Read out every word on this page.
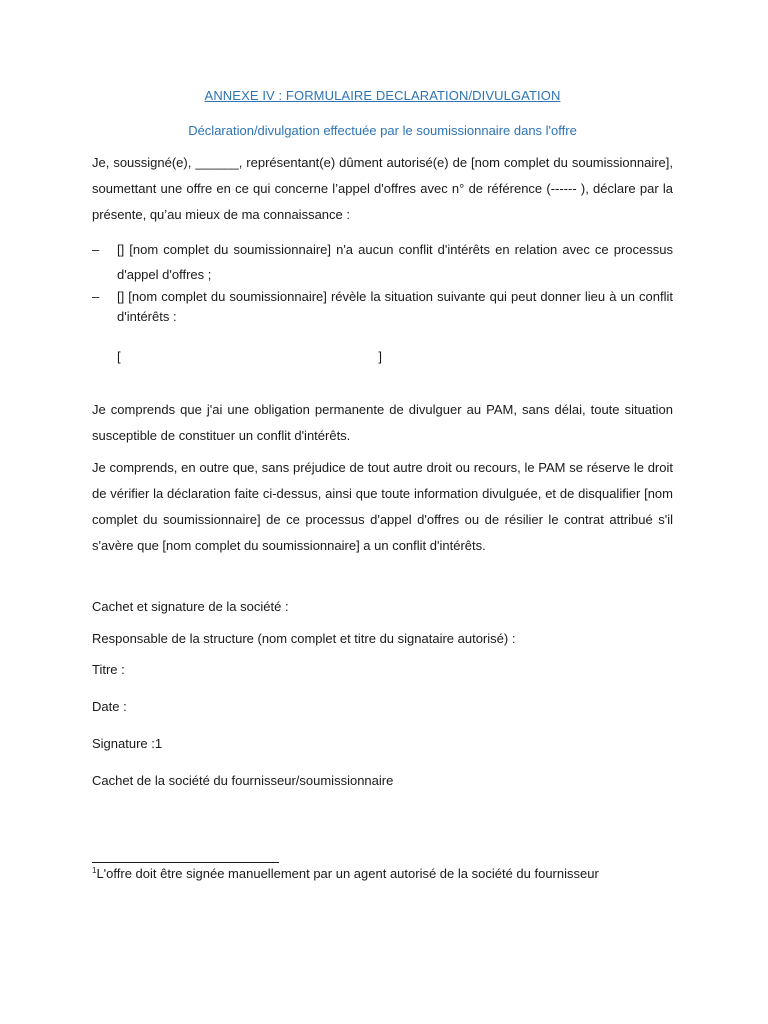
ANNEXE IV : FORMULAIRE DECLARATION/DIVULGATION
Déclaration/divulgation effectuée par le soumissionnaire dans l'offre
Je, soussigné(e), ______, représentant(e) dûment autorisé(e) de [nom complet du soumissionnaire], soumettant une offre en ce qui concerne l’appel d'offres avec n° de référence (------ ), déclare par la présente, qu’au mieux de ma connaissance :
–	[] [nom complet du soumissionnaire] n'a aucun conflit d'intérêts en relation avec ce processus d'appel d'offres ;
–	[] [nom complet du soumissionnaire] révèle la situation suivante qui peut donner lieu à un conflit d'intérêts :
[	]
Je comprends que j'ai une obligation permanente de divulguer au PAM, sans délai, toute situation susceptible de constituer un conflit d'intérêts.
Je comprends, en outre que, sans préjudice de tout autre droit ou recours, le PAM se réserve le droit de vérifier la déclaration faite ci-dessus, ainsi que toute information divulguée, et de disqualifier [nom complet du soumissionnaire] de ce processus d'appel d'offres ou de résilier le contrat attribué s'il s'avère que [nom complet du soumissionnaire] a un conflit d'intérêts.
Cachet et signature de la société :
Responsable de la structure (nom complet et titre du signataire autorisé) :
Titre :
Date :
Signature :1
Cachet de la société du fournisseur/soumissionnaire
$^1$L'offre doit être signée manuellement par un agent autorisé de la société du fournisseur
